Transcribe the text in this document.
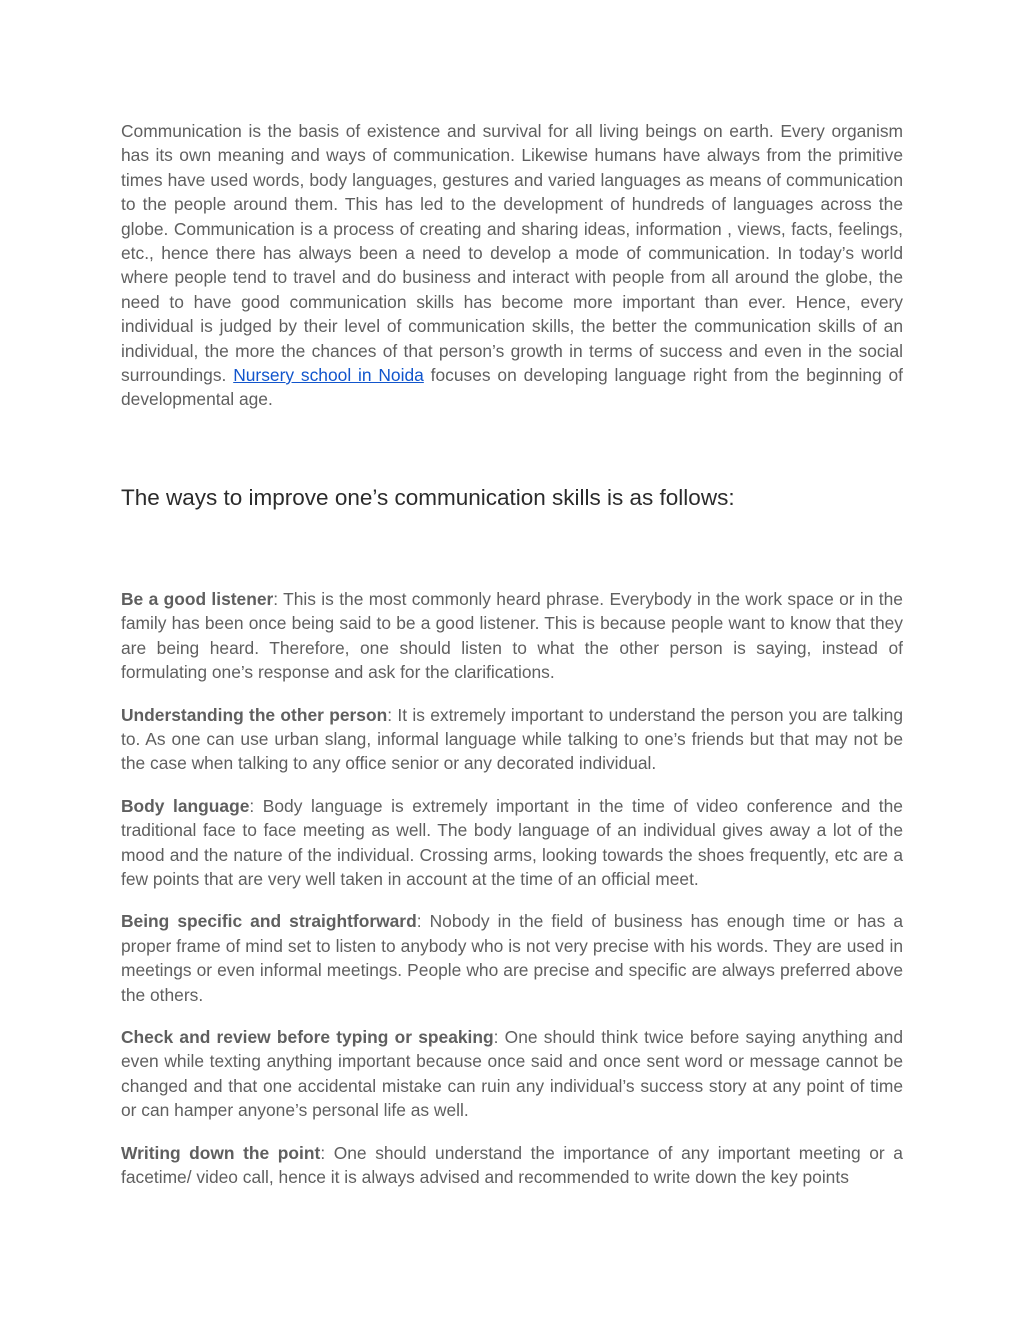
Communication is the basis of existence and survival for all living beings on earth. Every organism has its own meaning and ways of communication. Likewise humans have always from the primitive times have used words, body languages, gestures and varied languages as means of communication to the people around them. This has led to the development of hundreds of languages across the globe. Communication is a process of creating and sharing ideas, information , views, facts, feelings, etc., hence there has always been a need to develop a mode of communication. In today’s world where people tend to travel and do business and interact with people from all around the globe, the need to have good communication skills has become more important than ever. Hence, every individual is judged by their level of communication skills, the better the communication skills of an individual, the more the chances of that person’s growth in terms of success and even in the social surroundings. Nursery school in Noida focuses on developing language right from the beginning of developmental age.

The ways to improve one’s communication skills is as follows:

Be a good listener: This is the most commonly heard phrase. Everybody in the work space or in the family has been once being said to be a good listener. This is because people want to know that they are being heard. Therefore, one should listen to what the other person is saying, instead of formulating one’s response and ask for the clarifications.

Understanding the other person: It is extremely important to understand the person you are talking to. As one can use urban slang, informal language while talking to one’s friends but that may not be the case when talking to any office senior or any decorated individual.

Body language: Body language is extremely important in the time of video conference and the traditional face to face meeting as well. The body language of an individual gives away a lot of the mood and the nature of the individual. Crossing arms, looking towards the shoes frequently, etc are a few points that are very well taken in account at the time of an official meet.

Being specific and straightforward: Nobody in the field of business has enough time or has a proper frame of mind set to listen to anybody who is not very precise with his words. They are used in meetings or even informal meetings. People who are precise and specific are always preferred above the others.

Check and review before typing or speaking: One should think twice before saying anything and even while texting anything important because once said and once sent word or message cannot be changed and that one accidental mistake can ruin any individual’s success story at any point of time or can hamper anyone’s personal life as well.

Writing down the point: One should understand the importance of any important meeting or a facetime/ video call, hence it is always advised and recommended to write down the key points
